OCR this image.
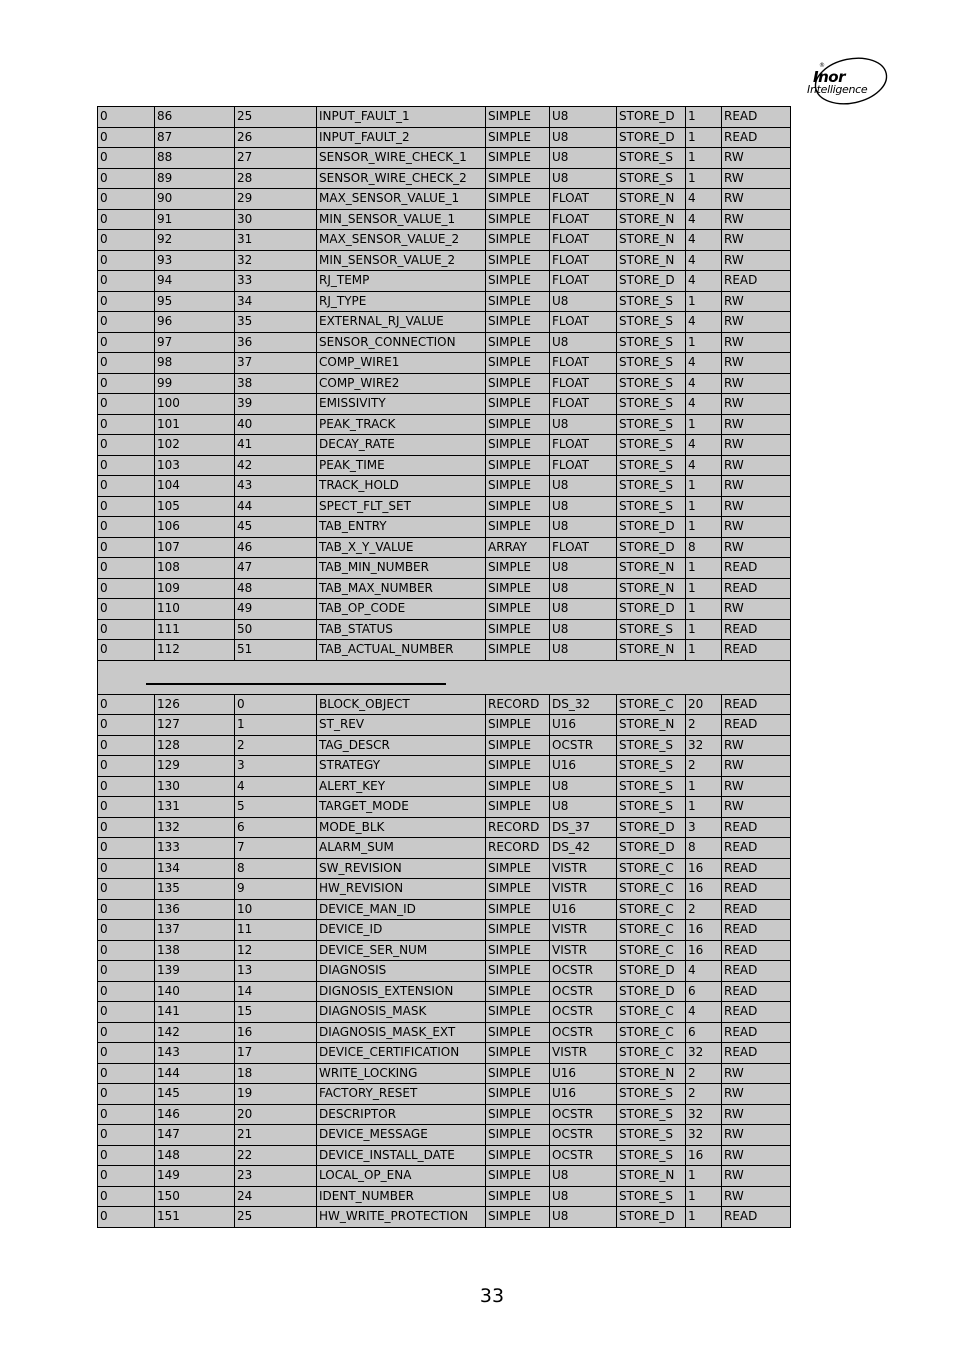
®
Inor
Intelligence
0	86	25	INPUT_FAULT_1	SIMPLE	U8	STORE_D	1	READ
0	87	26	INPUT_FAULT_2	SIMPLE	U8	STORE_D	1	READ
0	88	27	SENSOR_WIRE_CHECK_1	SIMPLE	U8	STORE_S	1	RW
0	89	28	SENSOR_WIRE_CHECK_2	SIMPLE	U8	STORE_S	1	RW
0	90	29	MAX_SENSOR_VALUE_1	SIMPLE	FLOAT	STORE_N	4	RW
0	91	30	MIN_SENSOR_VALUE_1	SIMPLE	FLOAT	STORE_N	4	RW
0	92	31	MAX_SENSOR_VALUE_2	SIMPLE	FLOAT	STORE_N	4	RW
0	93	32	MIN_SENSOR_VALUE_2	SIMPLE	FLOAT	STORE_N	4	RW
0	94	33	RJ_TEMP	SIMPLE	FLOAT	STORE_D	4	READ
0	95	34	RJ_TYPE	SIMPLE	U8	STORE_S	1	RW
0	96	35	EXTERNAL_RJ_VALUE	SIMPLE	FLOAT	STORE_S	4	RW
0	97	36	SENSOR_CONNECTION	SIMPLE	U8	STORE_S	1	RW
0	98	37	COMP_WIRE1	SIMPLE	FLOAT	STORE_S	4	RW
0	99	38	COMP_WIRE2	SIMPLE	FLOAT	STORE_S	4	RW
0	100	39	EMISSIVITY	SIMPLE	FLOAT	STORE_S	4	RW
0	101	40	PEAK_TRACK	SIMPLE	U8	STORE_S	1	RW
0	102	41	DECAY_RATE	SIMPLE	FLOAT	STORE_S	4	RW
0	103	42	PEAK_TIME	SIMPLE	FLOAT	STORE_S	4	RW
0	104	43	TRACK_HOLD	SIMPLE	U8	STORE_S	1	RW
0	105	44	SPECT_FLT_SET	SIMPLE	U8	STORE_S	1	RW
0	106	45	TAB_ENTRY	SIMPLE	U8	STORE_D	1	RW
0	107	46	TAB_X_Y_VALUE	ARRAY	FLOAT	STORE_D	8	RW
0	108	47	TAB_MIN_NUMBER	SIMPLE	U8	STORE_N	1	READ
0	109	48	TAB_MAX_NUMBER	SIMPLE	U8	STORE_N	1	READ
0	110	49	TAB_OP_CODE	SIMPLE	U8	STORE_D	1	RW
0	111	50	TAB_STATUS	SIMPLE	U8	STORE_S	1	READ
0	112	51	TAB_ACTUAL_NUMBER	SIMPLE	U8	STORE_N	1	READ

0	126	0	BLOCK_OBJECT	RECORD	DS_32	STORE_C	20	READ
0	127	1	ST_REV	SIMPLE	U16	STORE_N	2	READ
0	128	2	TAG_DESCR	SIMPLE	OCSTR	STORE_S	32	RW
0	129	3	STRATEGY	SIMPLE	U16	STORE_S	2	RW
0	130	4	ALERT_KEY	SIMPLE	U8	STORE_S	1	RW
0	131	5	TARGET_MODE	SIMPLE	U8	STORE_S	1	RW
0	132	6	MODE_BLK	RECORD	DS_37	STORE_D	3	READ
0	133	7	ALARM_SUM	RECORD	DS_42	STORE_D	8	READ
0	134	8	SW_REVISION	SIMPLE	VISTR	STORE_C	16	READ
0	135	9	HW_REVISION	SIMPLE	VISTR	STORE_C	16	READ
0	136	10	DEVICE_MAN_ID	SIMPLE	U16	STORE_C	2	READ
0	137	11	DEVICE_ID	SIMPLE	VISTR	STORE_C	16	READ
0	138	12	DEVICE_SER_NUM	SIMPLE	VISTR	STORE_C	16	READ
0	139	13	DIAGNOSIS	SIMPLE	OCSTR	STORE_D	4	READ
0	140	14	DIGNOSIS_EXTENSION	SIMPLE	OCSTR	STORE_D	6	READ
0	141	15	DIAGNOSIS_MASK	SIMPLE	OCSTR	STORE_C	4	READ
0	142	16	DIAGNOSIS_MASK_EXT	SIMPLE	OCSTR	STORE_C	6	READ
0	143	17	DEVICE_CERTIFICATION	SIMPLE	VISTR	STORE_C	32	READ
0	144	18	WRITE_LOCKING	SIMPLE	U16	STORE_N	2	RW
0	145	19	FACTORY_RESET	SIMPLE	U16	STORE_S	2	RW
0	146	20	DESCRIPTOR	SIMPLE	OCSTR	STORE_S	32	RW
0	147	21	DEVICE_MESSAGE	SIMPLE	OCSTR	STORE_S	32	RW
0	148	22	DEVICE_INSTALL_DATE	SIMPLE	OCSTR	STORE_S	16	RW
0	149	23	LOCAL_OP_ENA	SIMPLE	U8	STORE_N	1	RW
0	150	24	IDENT_NUMBER	SIMPLE	U8	STORE_S	1	RW
0	151	25	HW_WRITE_PROTECTION	SIMPLE	U8	STORE_D	1	READ
33
